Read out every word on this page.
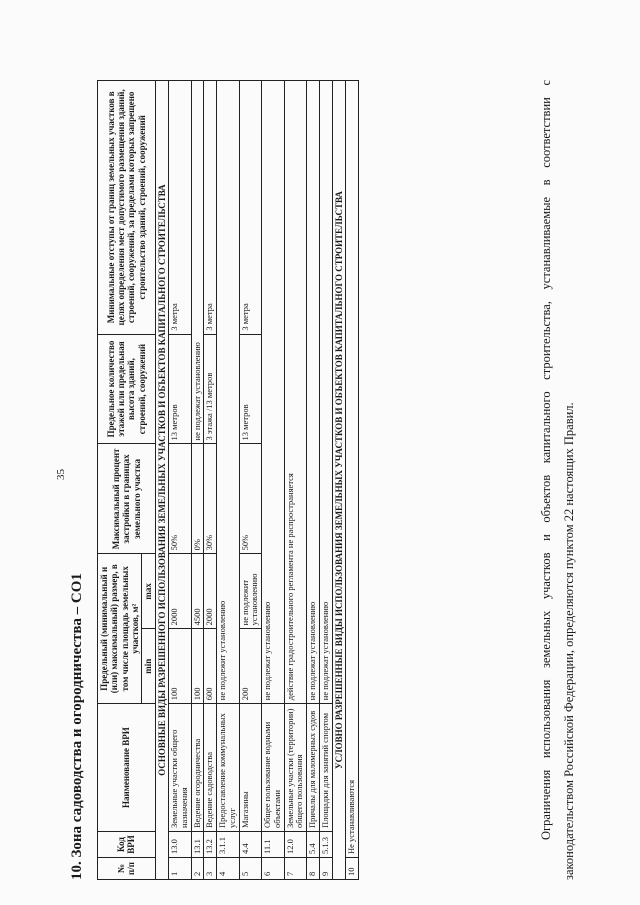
35
10. Зона садоводства и огородничества – СО1	№ п/п	Код ВРИ	Наименование ВРИ	Предельный (минимальный и (или) максимальный) размер, в том числе площадь земельных участков, м²		Максимальный процент застройки в границах земельного участка	Предельное количество этажей или предельная высота зданий, строений, сооружений	Минимальные отступы от границ земельных участков в целях определения мест допустимого размещения зданий, строений, сооружений, за пределами которых запрещено строительство зданий, строений, сооружений
			min	max			
ОСНОВНЫЕ ВИДЫ РАЗРЕШЕННОГО ИСПОЛЬЗОВАНИЯ ЗЕМЕЛЬНЫХ УЧАСТКОВ И ОБЪЕКТОВ КАПИТАЛЬНОГО СТРОИТЕЛЬСТВА							
1	13.0	Земельные участки общего назначения	100	2000	50%	13 метров	3 метра
2	13.1	Ведение огородничества	100	4500	0%	не подлежат установлению	
3	13.2	Ведение садоводства	600	2000	30%	3 этажа /13 метров	3 метра
4	3.1.1	Предоставление коммунальных услуг	не подлежит установлению				
5	4.4	Магазины	200	не подлежит установлению	50%	13 метров	3 метра
6	11.1	Общее пользование водными объектами	не подлежат установлению				
7	12.0	Земельные участки (территории) общего пользования	действие градостроительного регламента не распространяется				
8	5.4	Причалы для маломерных судов	не подлежат установлению				
9	5.1.3	Площадки для занятий спортом	не подлежат установлению				
УСЛОВНО РАЗРЕШЕННЫЕ ВИДЫ ИСПОЛЬЗОВАНИЯ ЗЕМЕЛЬНЫХ УЧАСТКОВ И ОБЪЕКТОВ КАПИТАЛЬНОГО СТРОИТЕЛЬСТВА							
10	Не устанавливаются							Ограничения использования земельных участков и объектов капитального строительства, устанавливаемые в соответствии с законодательством Российской Федерации, определяются пунктом 22 настоящих Правил.
